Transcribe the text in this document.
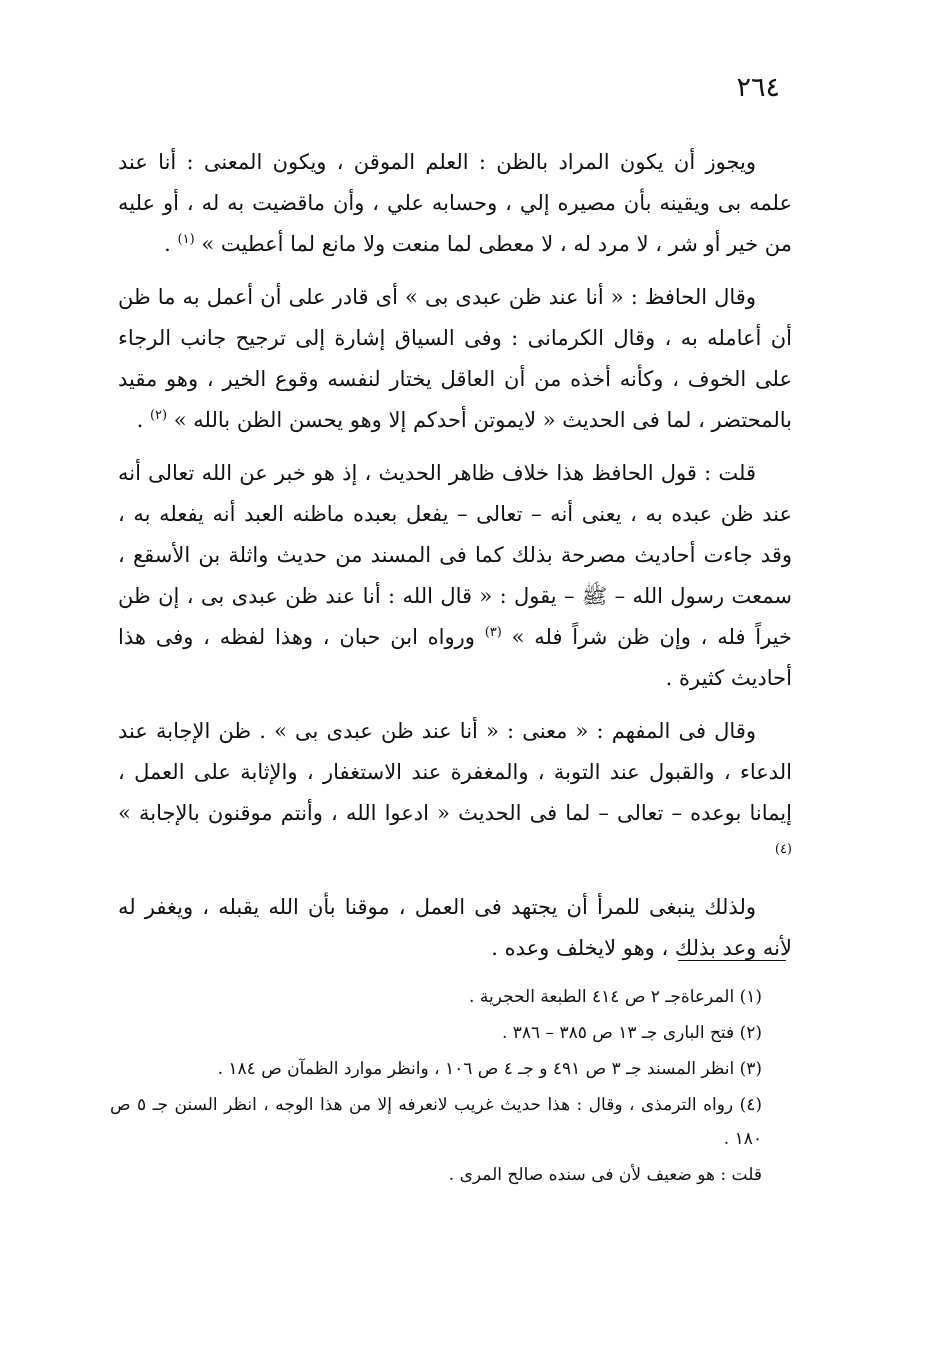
٢٦٤

ويجوز أن يكون المراد بالظن : العلم الموقن ، ويكون المعنى : أنا عند علمه بى ويقينه بأن مصيره إلي ، وحسابه علي ، وأن ماقضيت به له ، أو عليه من خير أو شر ، لا مرد له ، لا معطى لما منعت ولا مانع لما أعطيت » $^{(١)}$ .

وقال الحافظ : « أنا عند ظن عبدى بى » أى قادر على أن أعمل به ما ظن أن أعامله به ، وقال الكرمانى : وفى السياق إشارة إلى ترجيح جانب الرجاء على الخوف ، وكأنه أخذه من أن العاقل يختار لنفسه وقوع الخير ، وهو مقيد بالمحتضر ، لما فى الحديث « لايموتن أحدكم إلا وهو يحسن الظن بالله » $^{(٢)}$ .

قلت : قول الحافظ هذا خلاف ظاهر الحديث ، إذ هو خبر عن الله تعالى أنه عند ظن عبده به ، يعنى أنه – تعالى – يفعل بعبده ماظنه العبد أنه يفعله به ، وقد جاءت أحاديث مصرحة بذلك كما فى المسند من حديث واثلة بن الأسقع ، سمعت رسول الله – ﷺ – يقول : « قال الله : أنا عند ظن عبدى بى ، إن ظن خيراً فله ، وإن ظن شراً فله » $^{(٣)}$ ورواه ابن حبان ، وهذا لفظه ، وفى هذا أحاديث كثيرة .

وقال فى المفهم : « معنى : « أنا عند ظن عبدى بى » . ظن الإجابة عند الدعاء ، والقبول عند التوبة ، والمغفرة عند الاستغفار ، والإثابة على العمل ، إيمانا بوعده – تعالى – لما فى الحديث « ادعوا الله ، وأنتم موقنون بالإجابة » $^{(٤)}$

ولذلك ينبغى للمرأ أن يجتهد فى العمل ، موقنا بأن الله يقبله ، ويغفر له لأنه وعد بذلك ، وهو لايخلف وعده .

(١) المرعاةجـ ٢ ص ٤١٤ الطبعة الحجرية .

(٢) فتح البارى جـ ١٣ ص ٣٨٥ – ٣٨٦ .

(٣) انظر المسند جـ ٣ ص ٤٩١ و جـ ٤ ص ١٠٦ ، وانظر موارد الظمآن ص ١٨٤ .

(٤) رواه الترمذى ، وقال : هذا حديث غريب لانعرفه إلا من هذا الوجه ، انظر السنن جـ ٥ ص ١٨٠ .

قلت : هو ضعيف لأن فى سنده صالح المرى .
